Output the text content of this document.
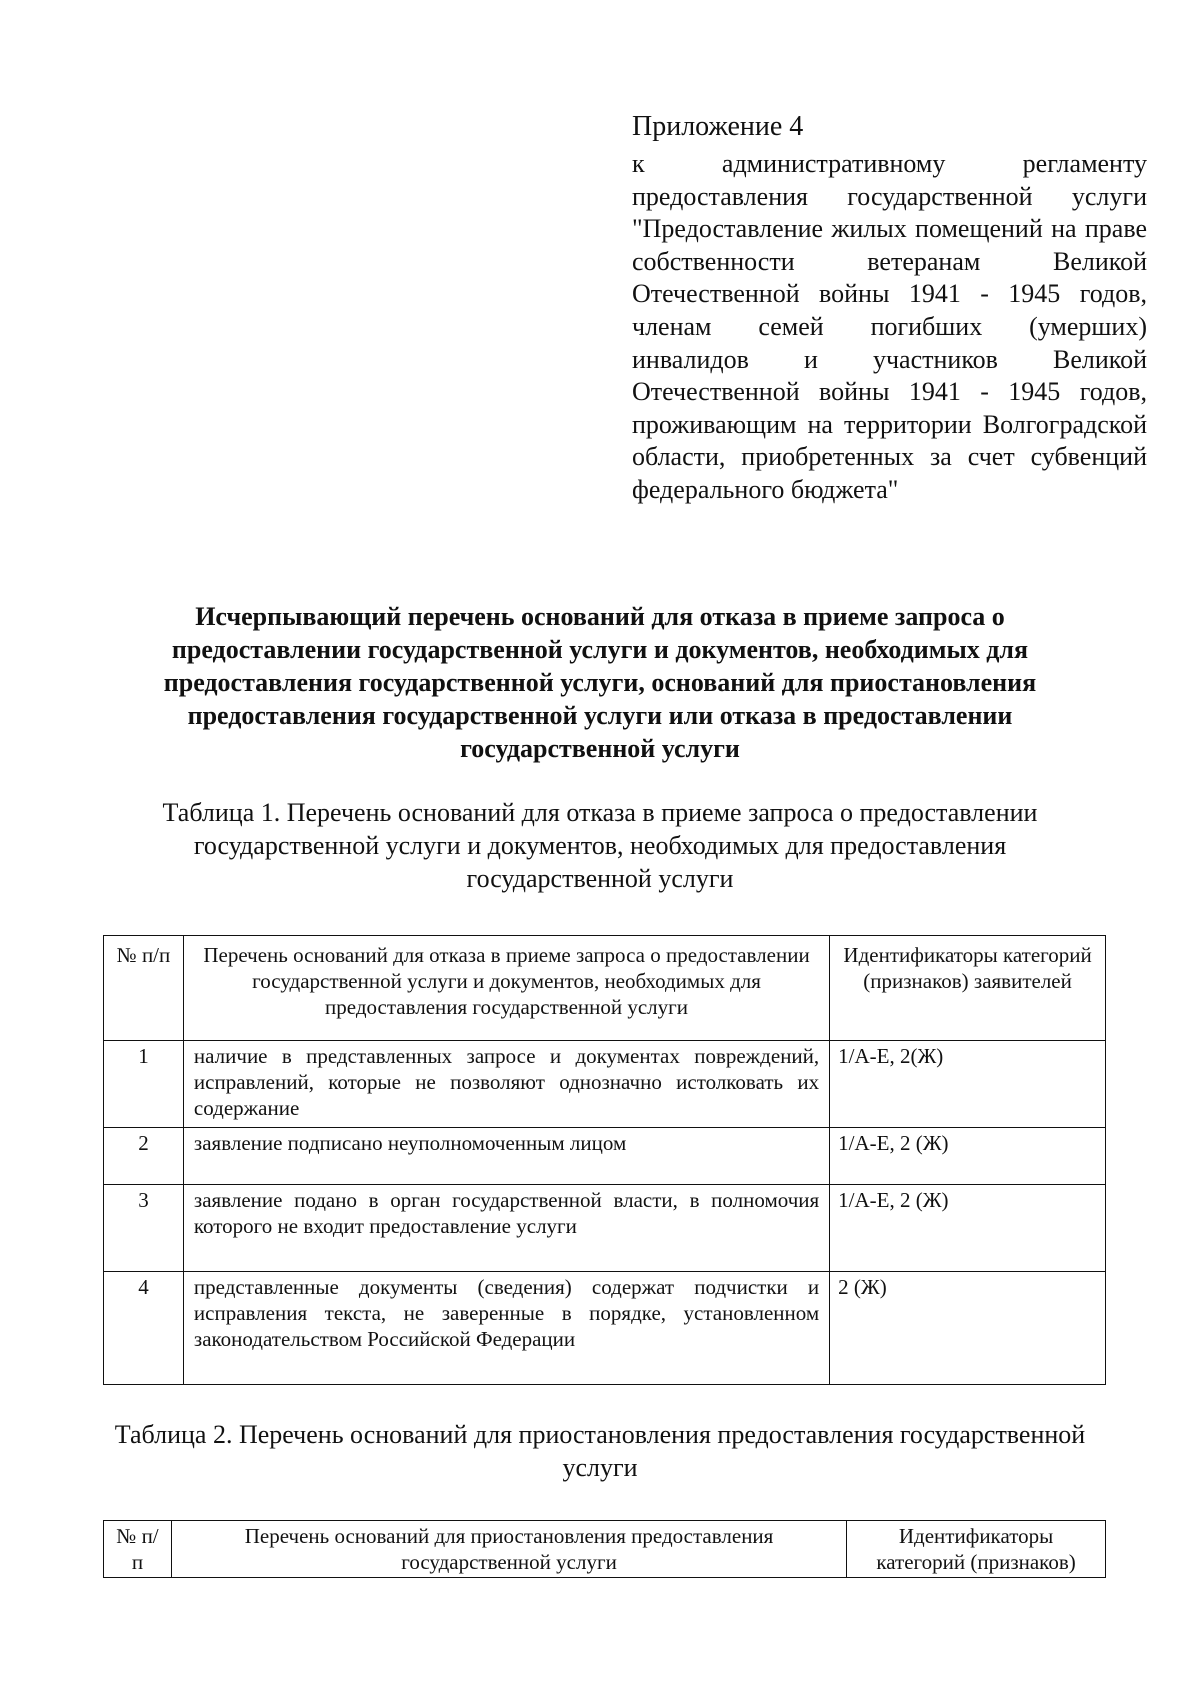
Приложение 4

к административному регламенту предоставления государственной услуги "Предоставление жилых помещений на праве собственности ветеранам Великой Отечественной войны 1941 - 1945 годов, членам семей погибших (умерших) инвалидов и участников Великой Отечественной войны 1941 - 1945 годов, проживающим на территории Волгоградской области, приобретенных за счет субвенций федерального бюджета"

Исчерпывающий перечень оснований для отказа в приеме запроса о предоставлении государственной услуги и документов, необходимых для предоставления государственной услуги, оснований для приостановления предоставления государственной услуги или отказа в предоставлении государственной услуги

Таблица 1. Перечень оснований для отказа в приеме запроса о предоставлении государственной услуги и документов, необходимых для предоставления государственной услуги

№ п/п	Перечень оснований для отказа в приеме запроса о предоставлении государственной услуги и документов, необходимых для предоставления государственной услуги	Идентификаторы категорий (признаков) заявителей
1	наличие в представленных запросе и документах повреждений, исправлений, которые не позволяют однозначно истолковать их содержание	1/А-Е, 2(Ж)
2	заявление подписано неуполномоченным лицом	1/А-Е, 2 (Ж)
3	заявление подано в орган государственной власти, в полномочия которого не входит предоставление услуги	1/А-Е, 2 (Ж)
4	представленные документы (сведения) содержат подчистки и исправления текста, не заверенные в порядке, установленном законодательством Российской Федерации	2 (Ж)

Таблица 2. Перечень оснований для приостановления предоставления государственной услуги

№ п/п	Перечень оснований для приостановления предоставления государственной услуги	Идентификаторы категорий (признаков)
